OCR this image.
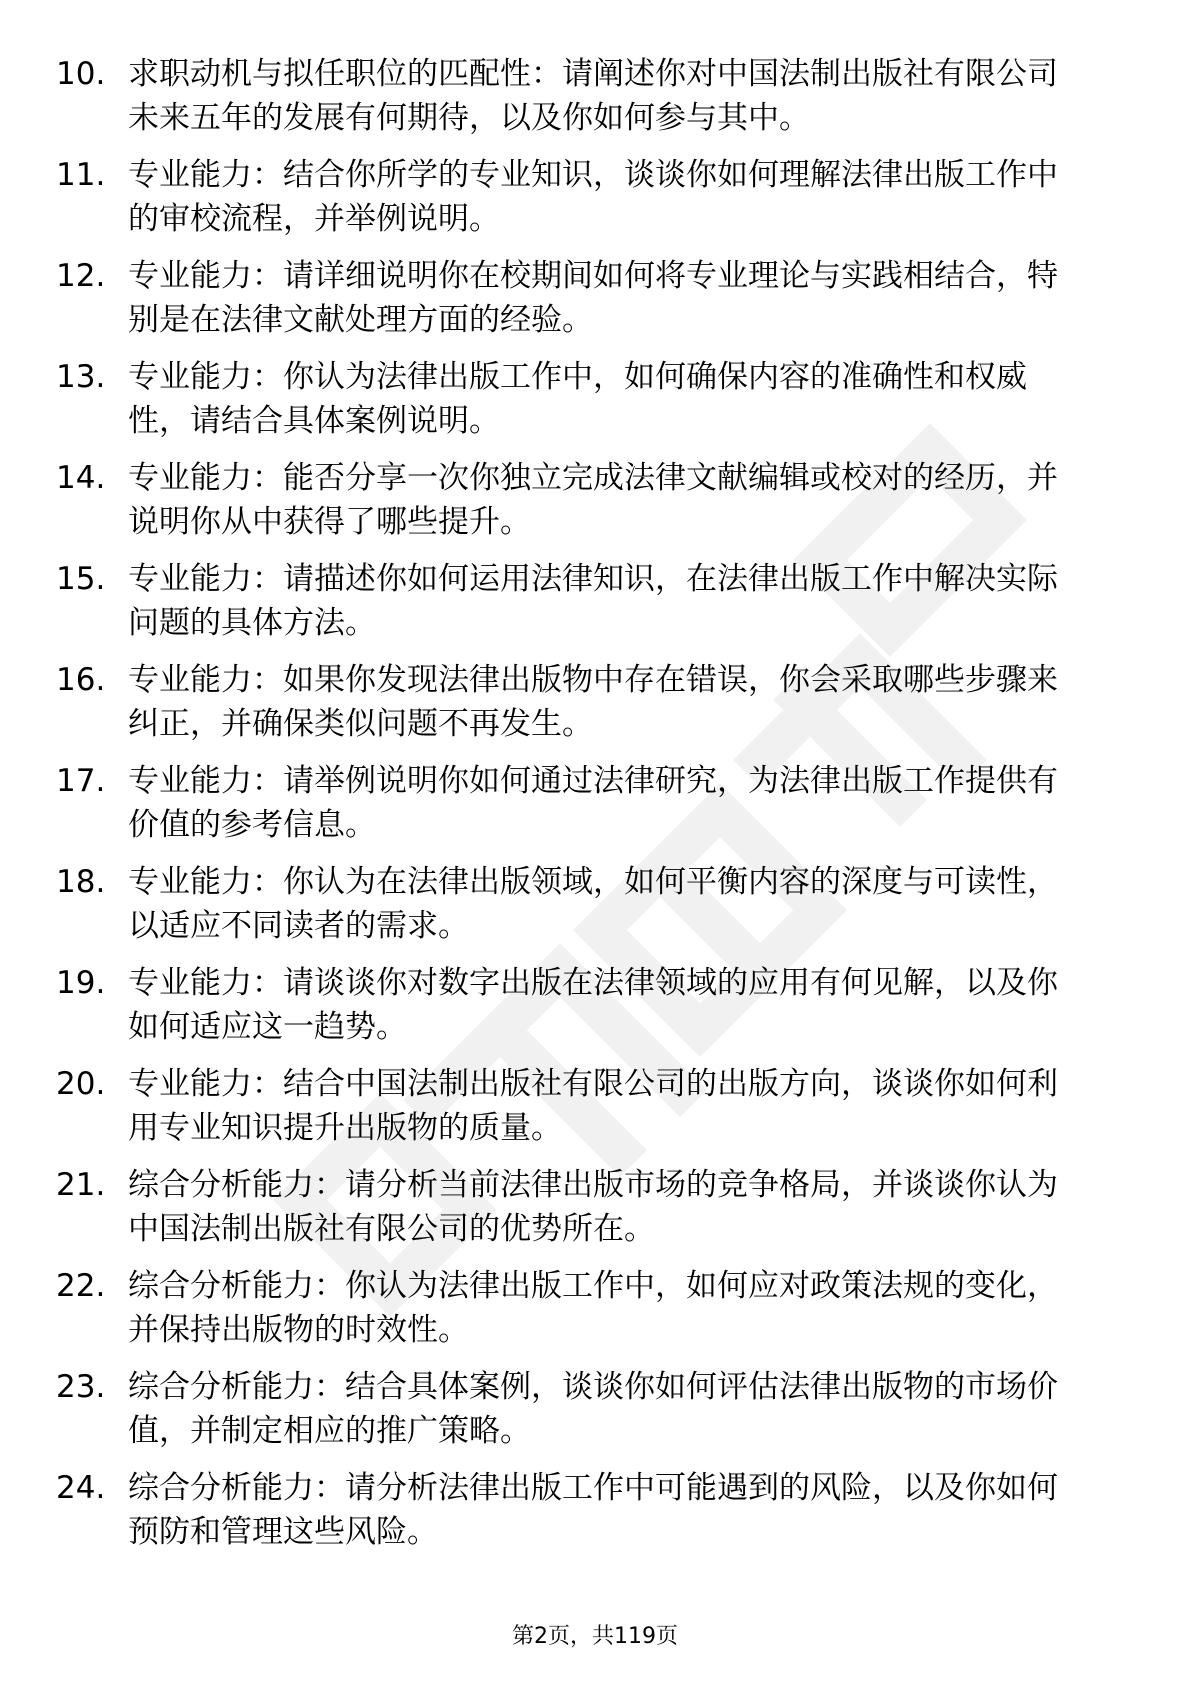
10. 求职动机与拟任职位的匹配性：请阐述你对中国法制出版社有限公司未来五年的发展有何期待，以及你如何参与其中。
11. 专业能力：结合你所学的专业知识，谈谈你如何理解法律出版工作中的审校流程，并举例说明。
12. 专业能力：请详细说明你在校期间如何将专业理论与实践相结合，特别是在法律文献处理方面的经验。
13. 专业能力：你认为法律出版工作中，如何确保内容的准确性和权威性，请结合具体案例说明。
14. 专业能力：能否分享一次你独立完成法律文献编辑或校对的经历，并说明你从中获得了哪些提升。
15. 专业能力：请描述你如何运用法律知识，在法律出版工作中解决实际问题的具体方法。
16. 专业能力：如果你发现法律出版物中存在错误，你会采取哪些步骤来纠正，并确保类似问题不再发生。
17. 专业能力：请举例说明你如何通过法律研究，为法律出版工作提供有价值的参考信息。
18. 专业能力：你认为在法律出版领域，如何平衡内容的深度与可读性，以适应不同读者的需求。
19. 专业能力：请谈谈你对数字出版在法律领域的应用有何见解，以及你如何适应这一趋势。
20. 专业能力：结合中国法制出版社有限公司的出版方向，谈谈你如何利用专业知识提升出版物的质量。
21. 综合分析能力：请分析当前法律出版市场的竞争格局，并谈谈你认为中国法制出版社有限公司的优势所在。
22. 综合分析能力：你认为法律出版工作中，如何应对政策法规的变化，并保持出版物的时效性。
23. 综合分析能力：结合具体案例，谈谈你如何评估法律出版物的市场价值，并制定相应的推广策略。
24. 综合分析能力：请分析法律出版工作中可能遇到的风险，以及你如何预防和管理这些风险。
第2页，共119页
